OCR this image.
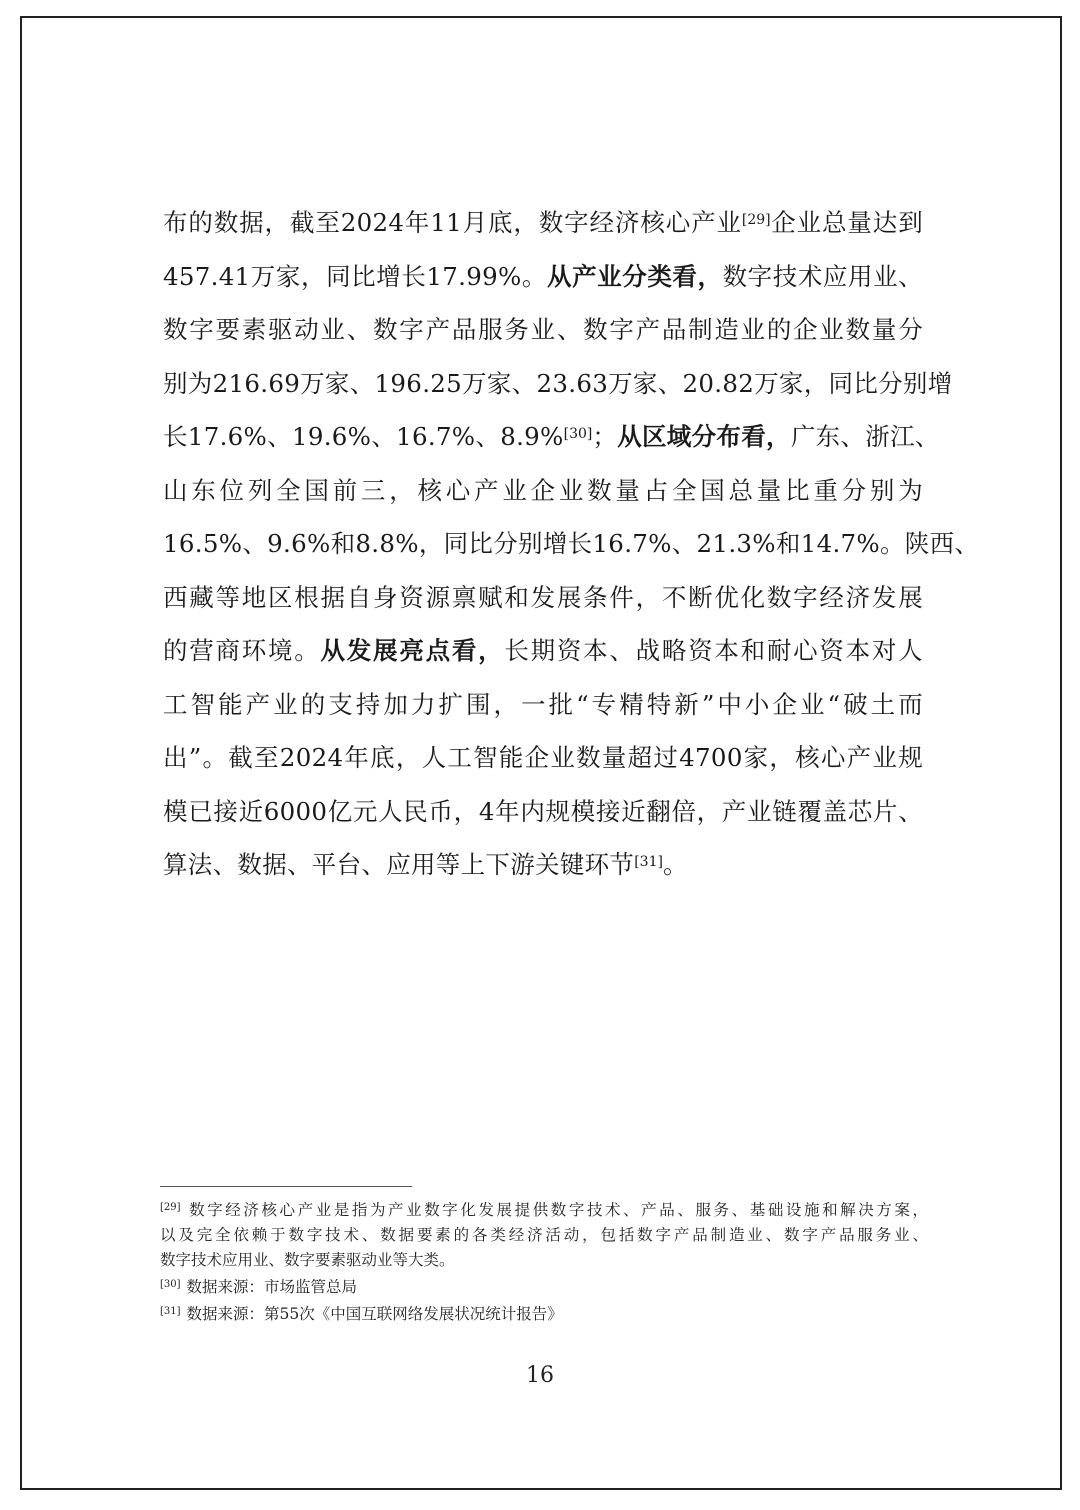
布的数据，截至2024年11月底，数字经济核心产业[29]企业总量达到
457.41万家，同比增长17.99%。从产业分类看，数字技术应用业、
数字要素驱动业、数字产品服务业、数字产品制造业的企业数量分
别为216.69万家、196.25万家、23.63万家、20.82万家，同比分别增
长17.6%、19.6%、16.7%、8.9%[30]；从区域分布看，广东、浙江、
山东位列全国前三，核心产业企业数量占全国总量比重分别为
16.5%、9.6%和8.8%，同比分别增长16.7%、21.3%和14.7%。陕西、
西藏等地区根据自身资源禀赋和发展条件，不断优化数字经济发展
的营商环境。从发展亮点看，长期资本、战略资本和耐心资本对人
工智能产业的支持加力扩围，一批“专精特新”中小企业“破土而
出”。截至2024年底，人工智能企业数量超过4700家，核心产业规
模已接近6000亿元人民币，4年内规模接近翻倍，产业链覆盖芯片、
算法、数据、平台、应用等上下游关键环节[31]。
[29] 数字经济核心产业是指为产业数字化发展提供数字技术、产品、服务、基础设施和解决方案，
以及完全依赖于数字技术、数据要素的各类经济活动，包括数字产品制造业、数字产品服务业、
数字技术应用业、数字要素驱动业等大类。
[30] 数据来源：市场监管总局
[31] 数据来源：第55次《中国互联网络发展状况统计报告》
16
